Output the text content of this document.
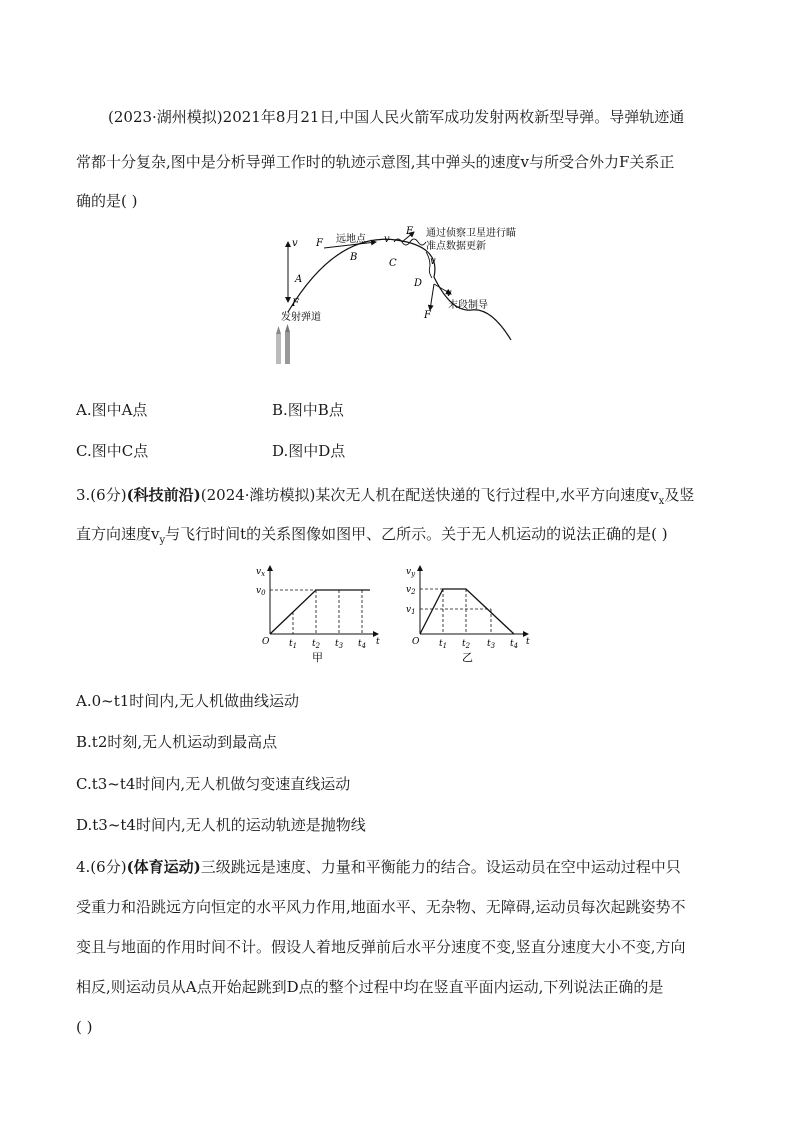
(2023·湖州模拟)2021年8月21日,中国人民火箭军成功发射两枚新型导弹。导弹轨迹通
常都十分复杂,图中是分析导弹工作时的轨迹示意图,其中弹头的速度v与所受合外力F关系正
确的是( )
v
A
F
发射弹道
F 远地点
B
v
F
C
通过侦察卫星进行瞄
准点数据更新
v
D
v
末段制导
F
A.图中A点	B.图中B点
C.图中C点	D.图中D点
3.(6分)(科技前沿)(2024·潍坊模拟)某次无人机在配送快递的飞行过程中,水平方向速度$v_x$及竖
直方向速度$v_y$与飞行时间t的关系图像如图甲、乙所示。关于无人机运动的说法正确的是( )
$v_x$
$v_0$
O $t_1$ $t_2$ $t_3$ $t_4$ t
甲
$v_y$
$v_2$
$v_1$
O $t_1$ $t_2$ $t_3$ $t_4$ t
乙
A.0~t1时间内,无人机做曲线运动
B.t2时刻,无人机运动到最高点
C.t3~t4时间内,无人机做匀变速直线运动
D.t3~t4时间内,无人机的运动轨迹是抛物线
4.(6分)(体育运动)三级跳远是速度、力量和平衡能力的结合。设运动员在空中运动过程中只
受重力和沿跳远方向恒定的水平风力作用,地面水平、无杂物、无障碍,运动员每次起跳姿势不
变且与地面的作用时间不计。假设人着地反弹前后水平分速度不变,竖直分速度大小不变,方向
相反,则运动员从A点开始起跳到D点的整个过程中均在竖直平面内运动,下列说法正确的是
( )
